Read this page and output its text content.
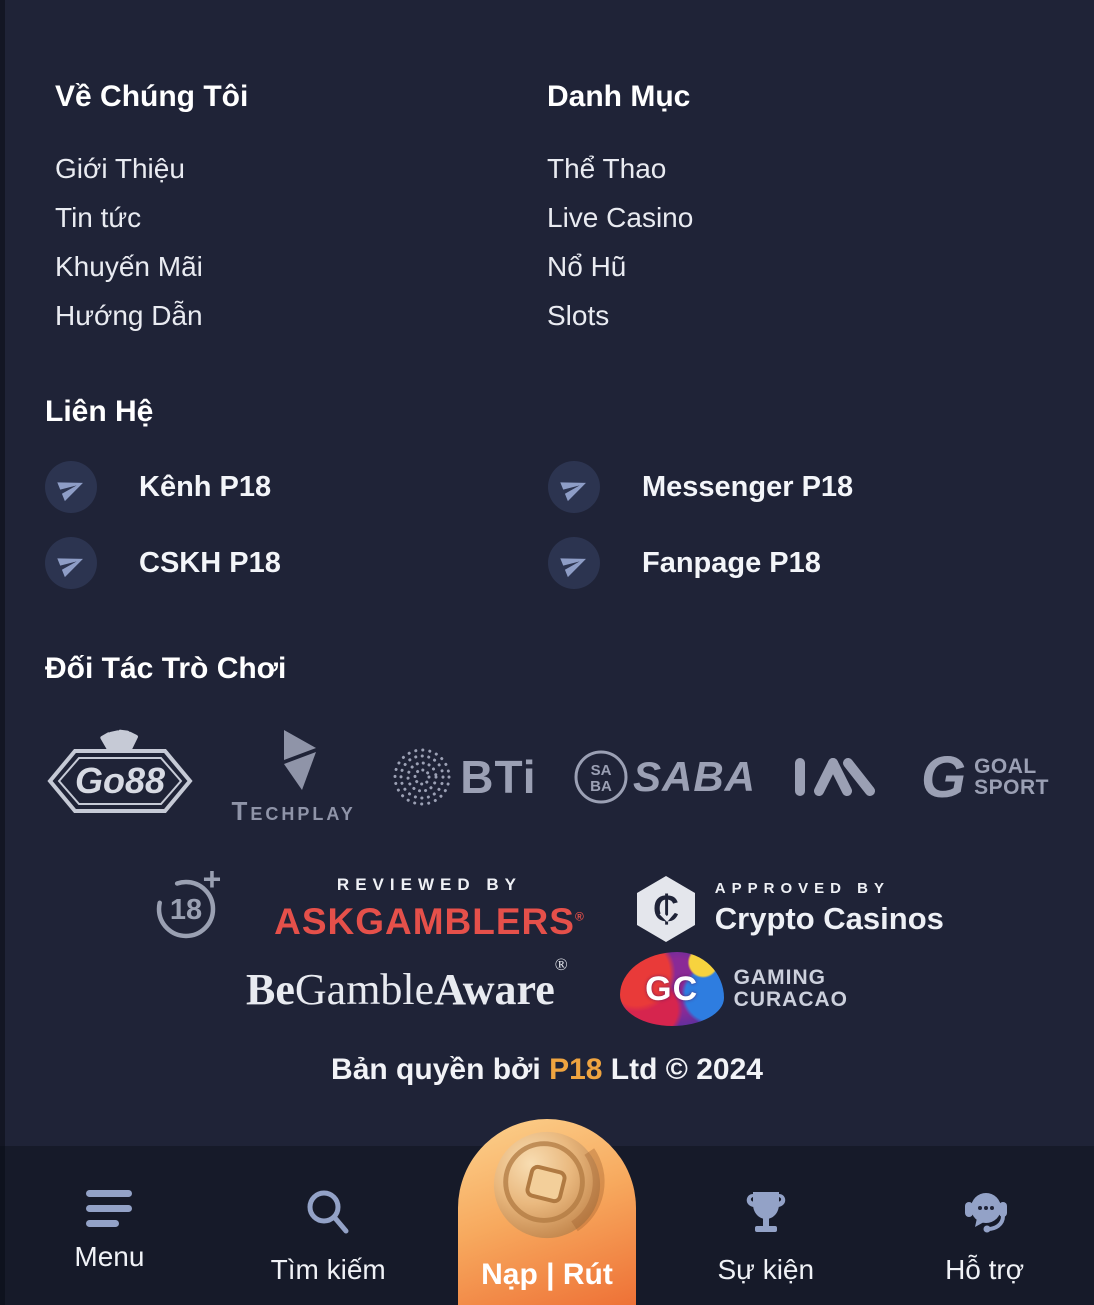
Về Chúng Tôi
Giới Thiệu
Tin tức
Khuyến Mãi
Hướng Dẫn
Danh Mục
Thể Thao
Live Casino
Nổ Hũ
Slots
Liên Hệ
Kênh P18	Messenger P18
CSKH P18	Fanpage P18
Đối Tác Trò Chơi
Go88
Techplay
BTi	SA
BA SABA	G GOAL
SPORT
18
+	REVIEWED BY
ASKGAMBLERS® ₵ APPROVED BY
Crypto Casinos
BeGambleAware®
GC GAMING
CURACAO
Bản quyền bởi P18 Ltd © 2024
Menu	Tìm kiếm	Sự kiện	Hỗ trợ
Nạp | Rút
